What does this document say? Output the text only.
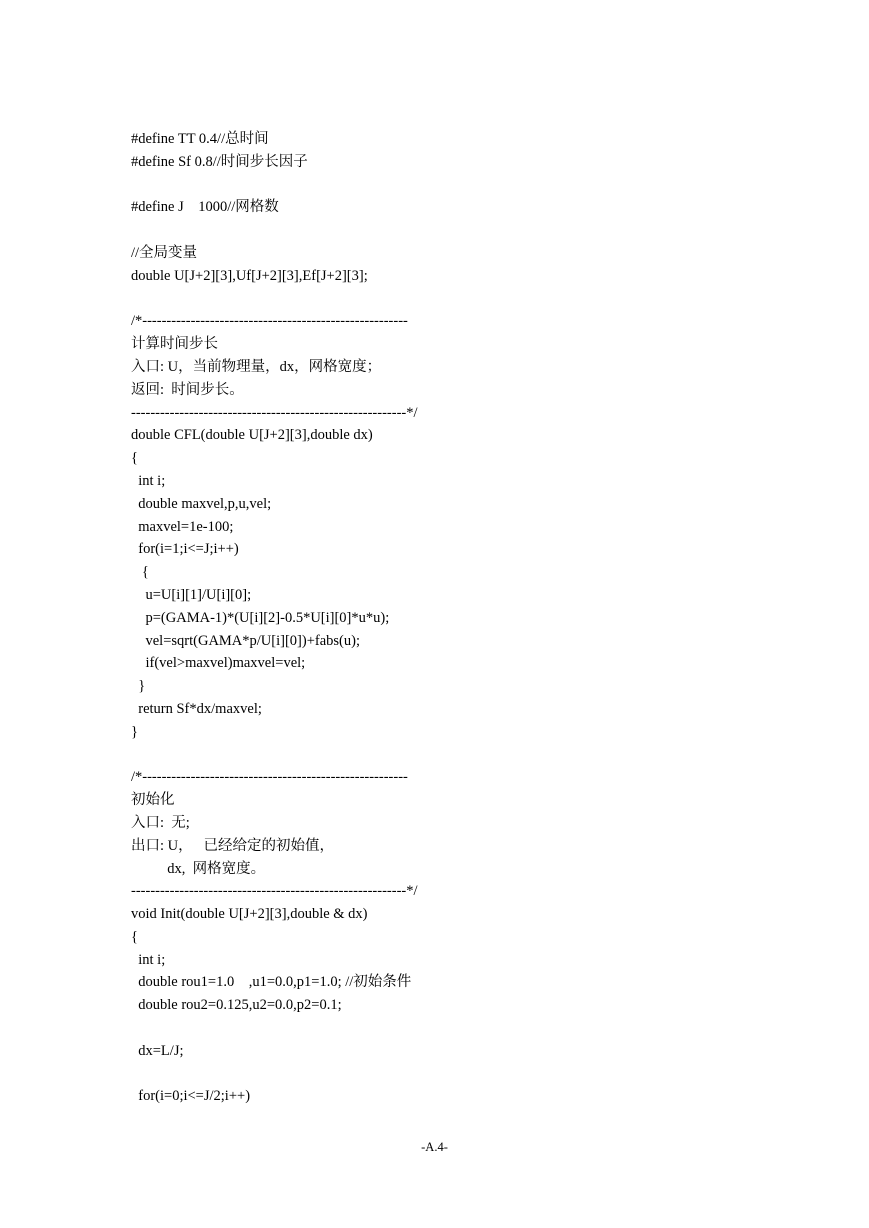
#define TT 0.4//总时间
#define Sf 0.8//时间步长因子
#define J    1000//网格数
//全局变量
double U[J+2][3],Uf[J+2][3],Ef[J+2][3];
/*-------------------------------------------------------
计算时间步长
入口: U，当前物理量，dx，网格宽度；
返回:  时间步长。
---------------------------------------------------------*/
double CFL(double U[J+2][3],double dx)
{
int i;
double maxvel,p,u,vel;
maxvel=1e-100;
for(i=1;i<=J;i++)
{
u=U[i][1]/U[i][0];
p=(GAMA-1)*(U[i][2]-0.5*U[i][0]*u*u);
vel=sqrt(GAMA*p/U[i][0])+fabs(u);
if(vel>maxvel)maxvel=vel;
}
return Sf*dx/maxvel;
}
/*-------------------------------------------------------
初始化
入口:  无;
出口: U，   已经给定的初始值，
dx,  网格宽度。
---------------------------------------------------------*/
void Init(double U[J+2][3],double & dx)
{
int i;
double rou1=1.0    ,u1=0.0,p1=1.0; //初始条件
double rou2=0.125,u2=0.0,p2=0.1;
dx=L/J;
for(i=0;i<=J/2;i++)
-A.4-
